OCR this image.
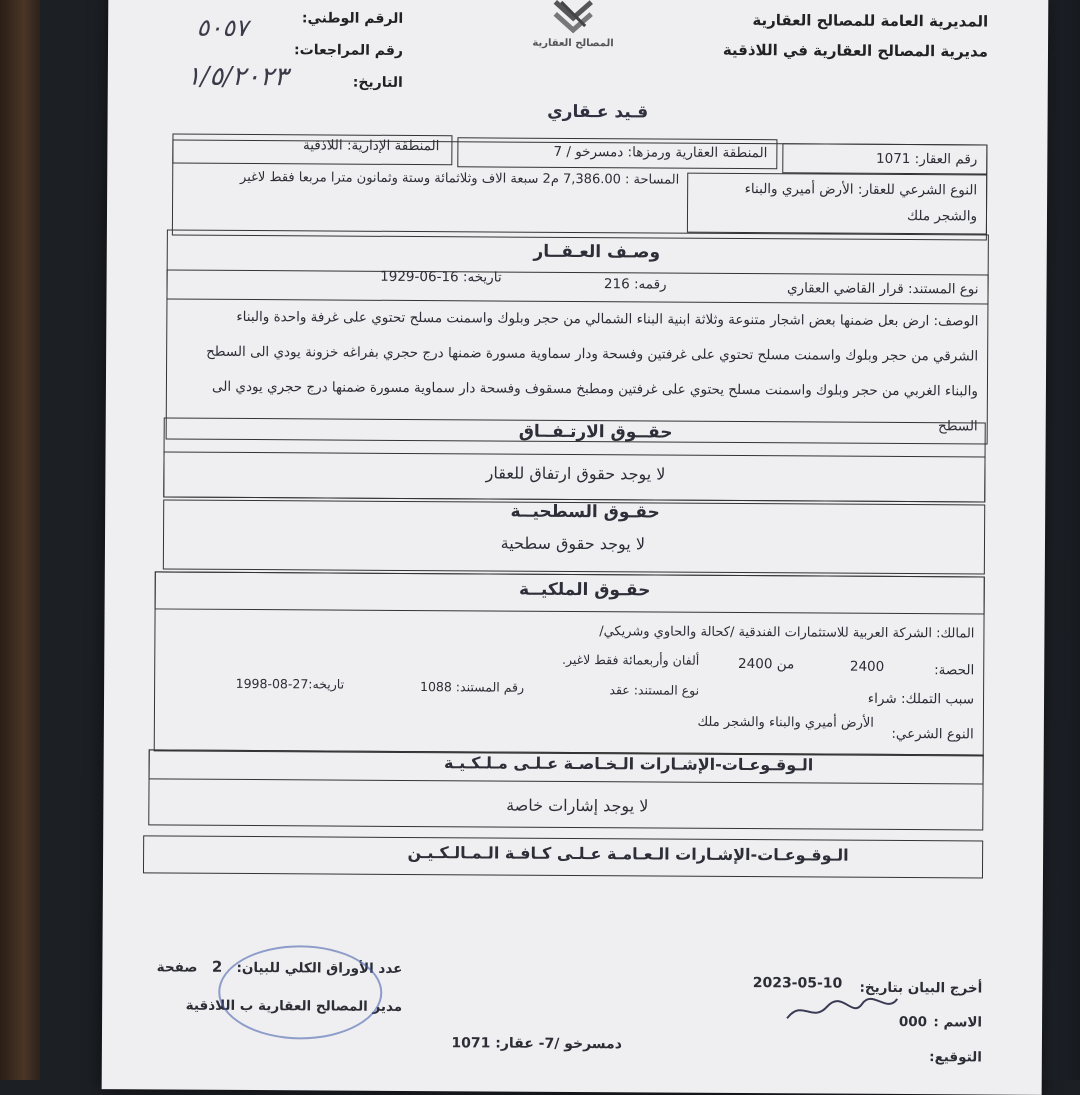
المديرية العامة للمصالح العقارية
مديرية المصالح العقارية في اللاذقية
المصالح العقارية
الرقم الوطني:
رقم المراجعات:
التاريخ:
٥٠٥٧
١/٥/٢٠٢٣
قـيد عـقاري
رقم العقار: 1071
المنطقة العقارية ورمزها: دمسرخو / 7
المنطقة الإدارية: اللاذقية
النوع الشرعي للعقار: الأرض أميري والبناء
والشجر ملك
المساحة : 7,386.00 م2 سبعة الاف وثلاثمائة وستة وثمانون مترا مربعا فقط لاغير
وصـف العـقــار
نوع المستند: قرار القاضي العقاري
رقمه: 216
تاريخه: 16-06-1929
الوصف: ارض بعل ضمنها بعض اشجار متنوعة وثلاثة ابنية البناء الشمالي من حجر وبلوك واسمنت مسلح تحتوي على غرفة واحدة والبناء
الشرقي من حجر وبلوك واسمنت مسلح تحتوي على غرفتين وفسحة ودار سماوية مسورة ضمنها درج حجري بفراغه خزونة يودي الى السطح
والبناء الغربي من حجر وبلوك واسمنت مسلح يحتوي على غرفتين ومطبخ مسقوف وفسحة دار سماوية مسورة ضمنها درج حجري يودي الى
السطح
حقــوق الارتـفــاق
لا يوجد حقوق ارتفاق للعقار
حقـوق السطحيــة
لا يوجد حقوق سطحية
حقـوق الملكيــة
المالك: الشركة العربية للاستثمارات الفندقية /كحالة والحاوي وشريكي/
الحصة:
2400
من 2400
ألفان وأربعمائة فقط لاغير.
سبب التملك: شراء
نوع المستند: عقد
رقم المستند: 1088
تاريخه:27-08-1998
النوع الشرعي:
الأرض أميري والبناء والشجر ملك
الـوقـوعـات-الإشـارات الـخـاصـة عـلـى مـلـكـيـة
لا يوجد إشارات خاصة
الـوقـوعـات-الإشـارات الـعـامـة عـلـى كـافـة الـمـالـكـيـن
أخرج البيان بتاريخ:
2023-05-10
الاسم :
000
التوقيع:
عدد الأوراق الكلي للبيان:
2
صفحة
مدير المصالح العقارية ب اللاذقية
دمسرخو /7- عقار: 1071
